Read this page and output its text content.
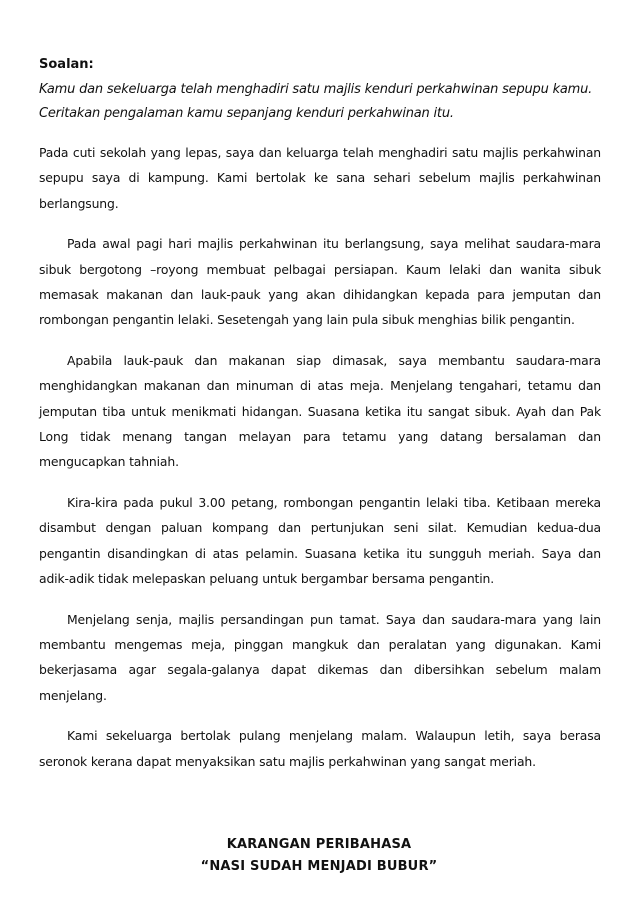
Soalan:

Kamu dan sekeluarga telah menghadiri satu majlis kenduri perkahwinan sepupu kamu.

Ceritakan pengalaman kamu sepanjang kenduri perkahwinan itu.

Pada cuti sekolah yang lepas, saya dan keluarga telah menghadiri satu majlis perkahwinan sepupu saya di kampung. Kami bertolak ke sana sehari sebelum majlis perkahwinan berlangsung.

Pada awal pagi hari majlis perkahwinan itu berlangsung, saya melihat saudara-mara sibuk bergotong –royong membuat pelbagai persiapan. Kaum lelaki dan wanita sibuk memasak makanan dan lauk-pauk yang akan dihidangkan kepada para jemputan dan rombongan pengantin lelaki. Sesetengah yang lain pula sibuk menghias bilik pengantin.

Apabila lauk-pauk dan makanan siap dimasak, saya membantu saudara-mara menghidangkan makanan dan minuman di atas meja. Menjelang tengahari, tetamu dan jemputan tiba untuk menikmati hidangan. Suasana ketika itu sangat sibuk. Ayah dan Pak Long tidak menang tangan melayan para tetamu yang datang bersalaman dan mengucapkan tahniah.

Kira-kira pada pukul 3.00 petang, rombongan pengantin lelaki tiba. Ketibaan mereka disambut dengan paluan kompang dan pertunjukan seni silat. Kemudian kedua-dua pengantin disandingkan di atas pelamin. Suasana ketika itu sungguh meriah. Saya dan adik-adik tidak melepaskan peluang untuk bergambar bersama pengantin.

Menjelang senja, majlis persandingan pun tamat. Saya dan saudara-mara yang lain membantu mengemas meja, pinggan mangkuk dan peralatan yang digunakan. Kami bekerjasama agar segala-galanya dapat dikemas dan dibersihkan sebelum malam menjelang.

Kami sekeluarga bertolak pulang menjelang malam. Walaupun letih, saya berasa seronok kerana dapat menyaksikan satu majlis perkahwinan yang sangat meriah.

KARANGAN PERIBAHASA

“NASI SUDAH MENJADI BUBUR”
